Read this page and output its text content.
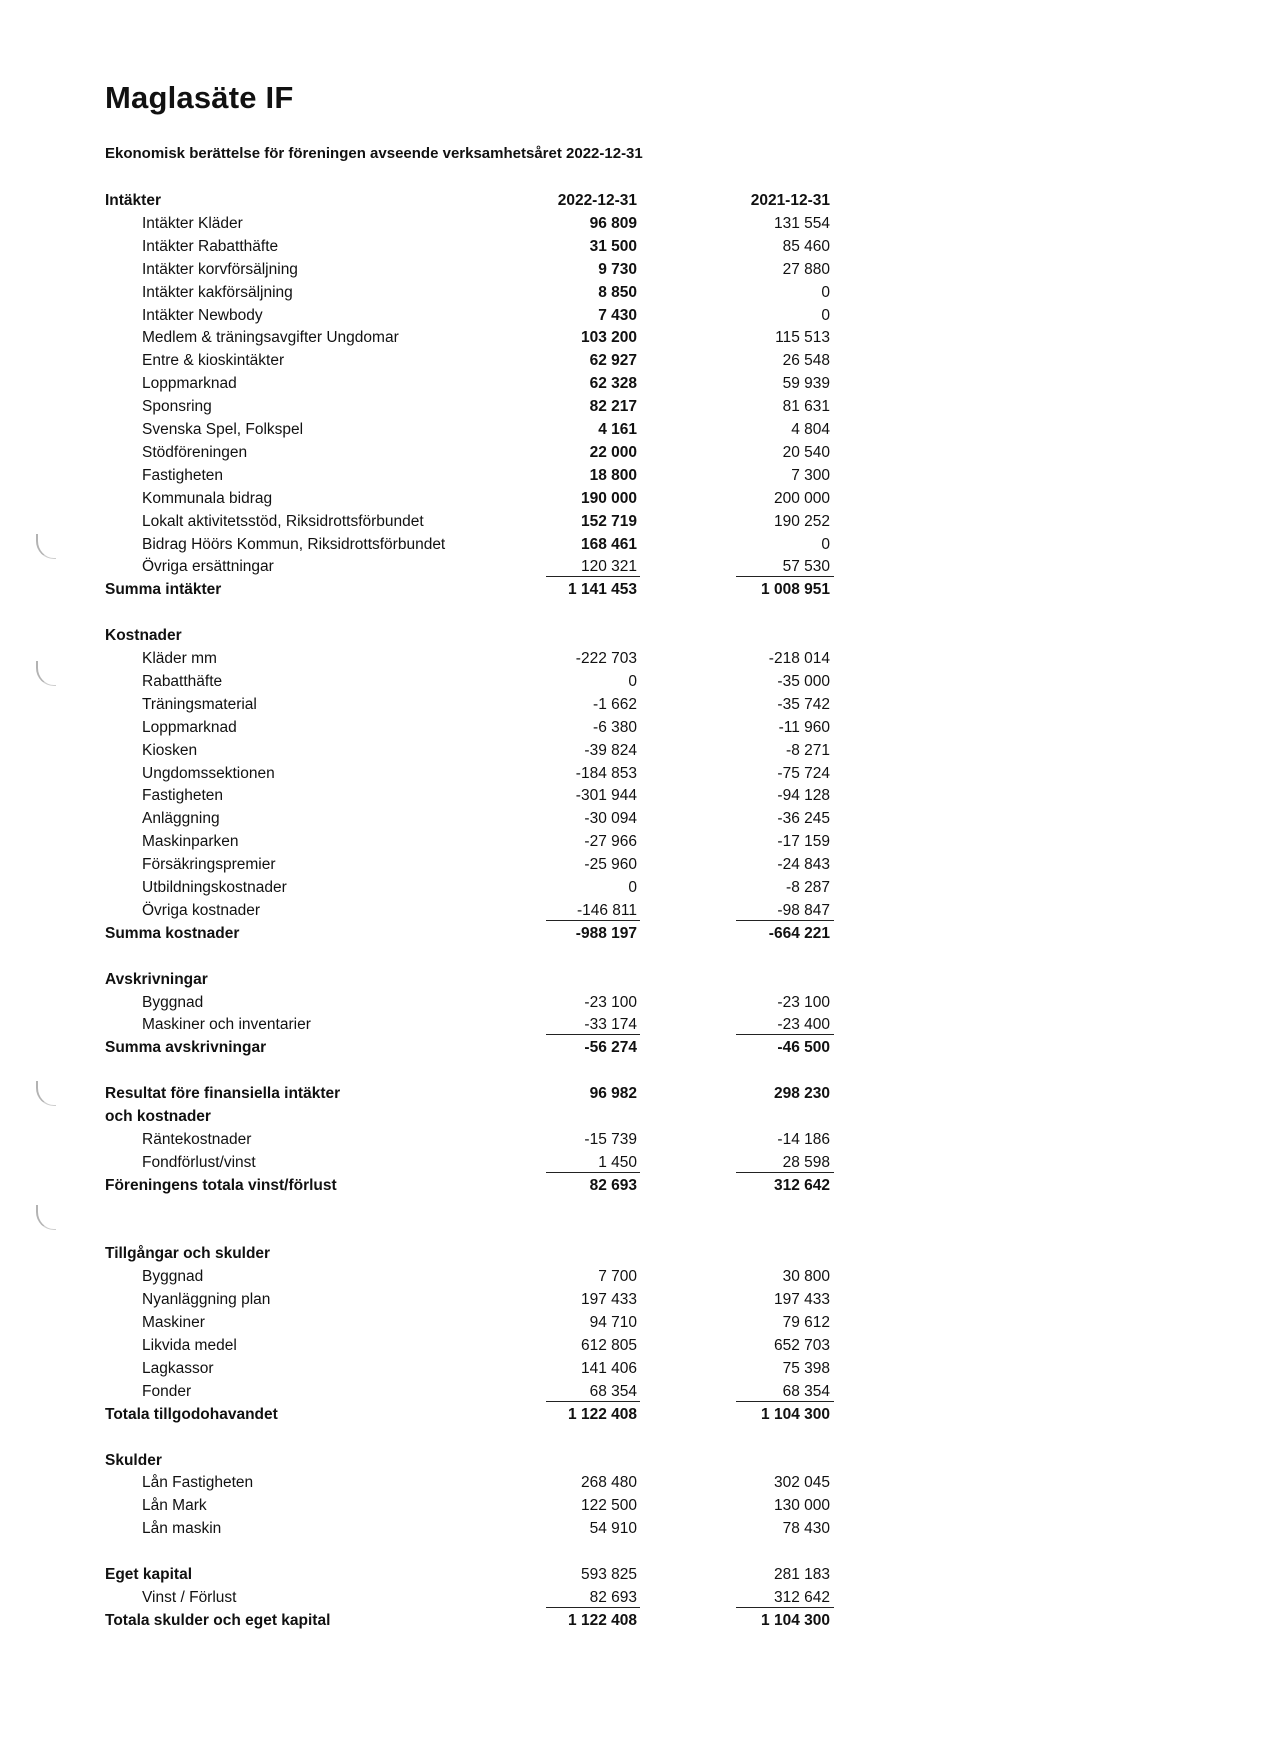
Maglasäte IF
Ekonomisk berättelse för föreningen avseende verksamhetsåret 2022-12-31
Intäkter	2022-12-31	2021-12-31
Intäkter Kläder	96 809	131 554
Intäkter Rabatthäfte	31 500	85 460
Intäkter korvförsäljning	9 730	27 880
Intäkter kakförsäljning	8 850	0
Intäkter Newbody	7 430	0
Medlem & träningsavgifter Ungdomar	103 200	115 513
Entre & kioskintäkter	62 927	26 548
Loppmarknad	62 328	59 939
Sponsring	82 217	81 631
Svenska Spel, Folkspel	4 161	4 804
Stödföreningen	22 000	20 540
Fastigheten	18 800	7 300
Kommunala bidrag	190 000	200 000
Lokalt aktivitetsstöd, Riksidrottsförbundet	152 719	190 252
Bidrag Höörs Kommun, Riksidrottsförbundet	168 461	0
Övriga ersättningar	120 321	57 530
Summa intäkter	1 141 453	1 008 951
Kostnader
Kläder mm	-222 703	-218 014
Rabatthäfte	0	-35 000
Träningsmaterial	-1 662	-35 742
Loppmarknad	-6 380	-11 960
Kiosken	-39 824	-8 271
Ungdomssektionen	-184 853	-75 724
Fastigheten	-301 944	-94 128
Anläggning	-30 094	-36 245
Maskinparken	-27 966	-17 159
Försäkringspremier	-25 960	-24 843
Utbildningskostnader	0	-8 287
Övriga kostnader	-146 811	-98 847
Summa kostnader	-988 197	-664 221
Avskrivningar
Byggnad	-23 100	-23 100
Maskiner och inventarier	-33 174	-23 400
Summa avskrivningar	-56 274	-46 500
Resultat före finansiella intäkter	96 982	298 230
och kostnader
Räntekostnader	-15 739	-14 186
Fondförlust/vinst	1 450	28 598
Föreningens totala vinst/förlust	82 693	312 642
Tillgångar och skulder
Byggnad	7 700	30 800
Nyanläggning plan	197 433	197 433
Maskiner	94 710	79 612
Likvida medel	612 805	652 703
Lagkassor	141 406	75 398
Fonder	68 354	68 354
Totala tillgodohavandet	1 122 408	1 104 300
Skulder
Lån Fastigheten	268 480	302 045
Lån Mark	122 500	130 000
Lån maskin	54 910	78 430
Eget kapital	593 825	281 183
Vinst / Förlust	82 693	312 642
Totala skulder och eget kapital	1 122 408	1 104 300
